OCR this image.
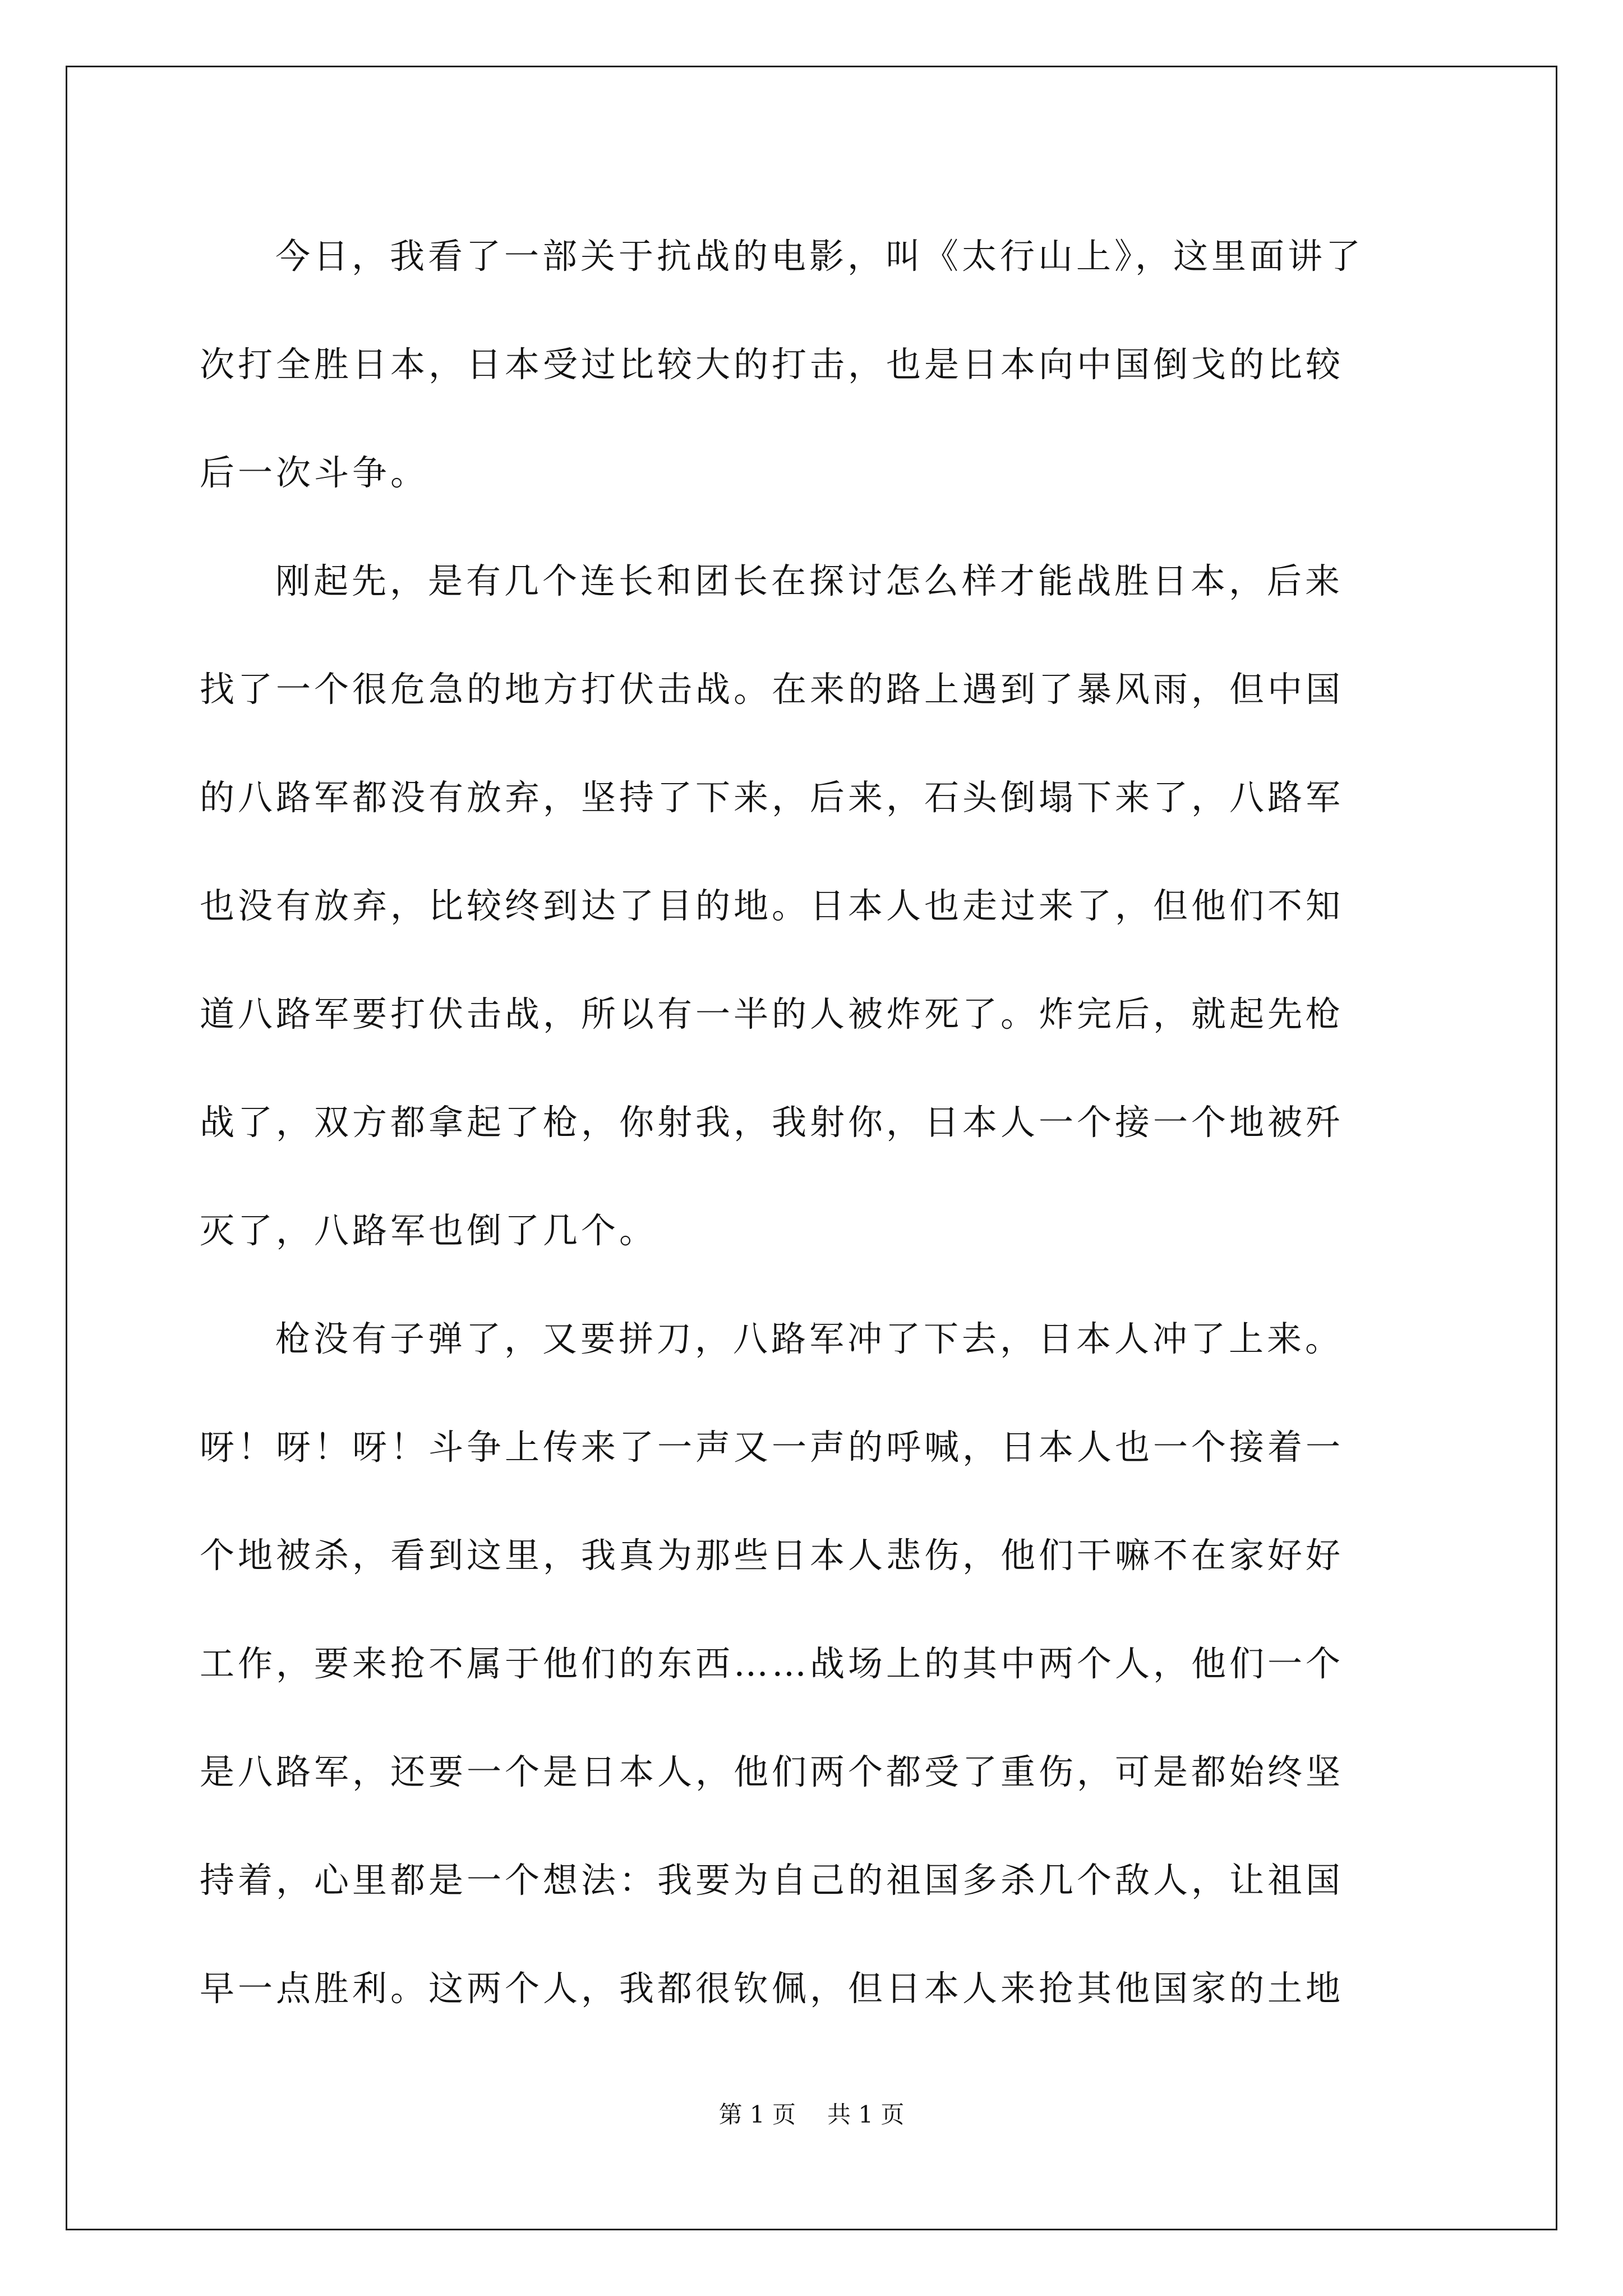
今日，我看了一部关于抗战的电影，叫《太行山上》，这里面讲了

次打全胜日本，日本受过比较大的打击，也是日本向中国倒戈的比较

后一次斗争。

刚起先，是有几个连长和团长在探讨怎么样才能战胜日本，后来

找了一个很危急的地方打伏击战。在来的路上遇到了暴风雨，但中国

的八路军都没有放弃，坚持了下来，后来，石头倒塌下来了，八路军

也没有放弃，比较终到达了目的地。日本人也走过来了，但他们不知

道八路军要打伏击战，所以有一半的人被炸死了。炸完后，就起先枪

战了，双方都拿起了枪，你射我，我射你，日本人一个接一个地被歼

灭了，八路军也倒了几个。

枪没有子弹了，又要拼刀，八路军冲了下去，日本人冲了上来。

呀！呀！呀！斗争上传来了一声又一声的呼喊，日本人也一个接着一

个地被杀，看到这里，我真为那些日本人悲伤，他们干嘛不在家好好

工作，要来抢不属于他们的东西……战场上的其中两个人，他们一个

是八路军，还要一个是日本人，他们两个都受了重伤，可是都始终坚

持着，心里都是一个想法：我要为自己的祖国多杀几个敌人，让祖国

早一点胜利。这两个人，我都很钦佩，但日本人来抢其他国家的土地

第 1 页 共 1 页
